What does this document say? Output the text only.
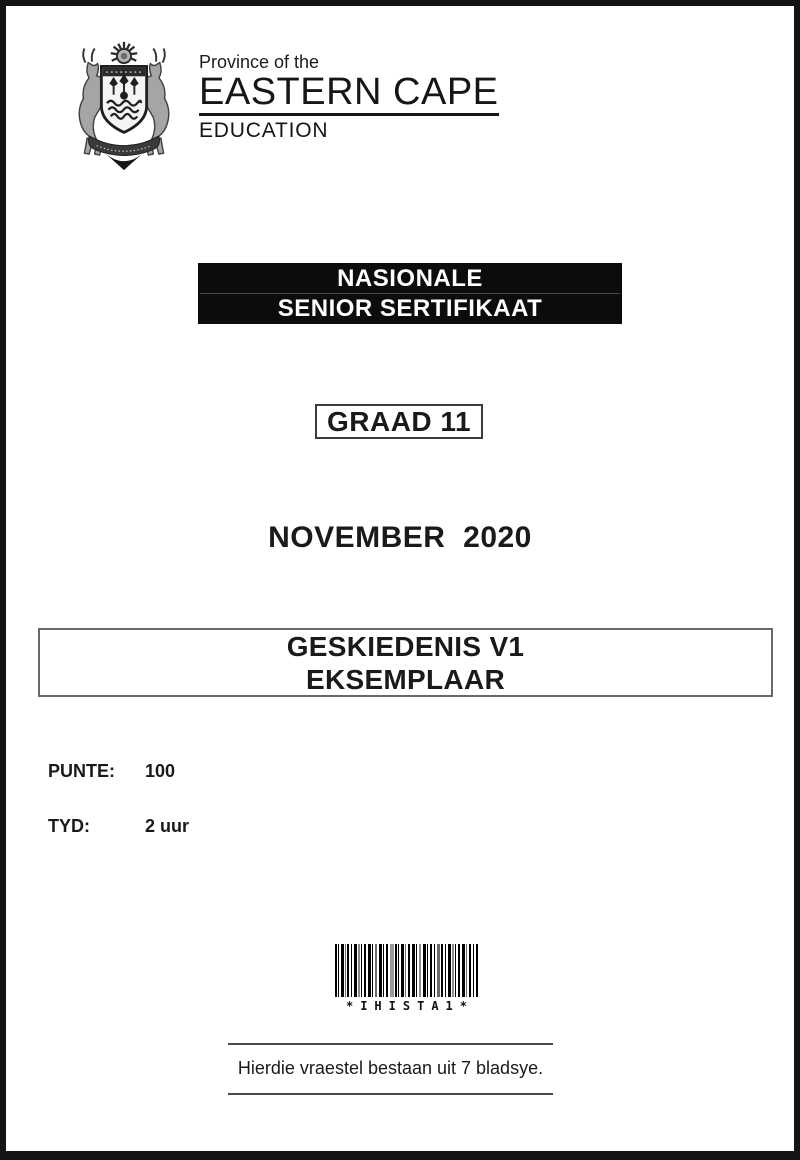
Province of the
EASTERN CAPE
EDUCATION
NASIONALE
SENIOR SERTIFIKAAT
GRAAD 11
NOVEMBER  2020
GESKIEDENIS V1
EKSEMPLAAR
PUNTE: 100
TYD:	2 uur
*IHISTA1*
Hierdie vraestel bestaan uit 7 bladsye.
